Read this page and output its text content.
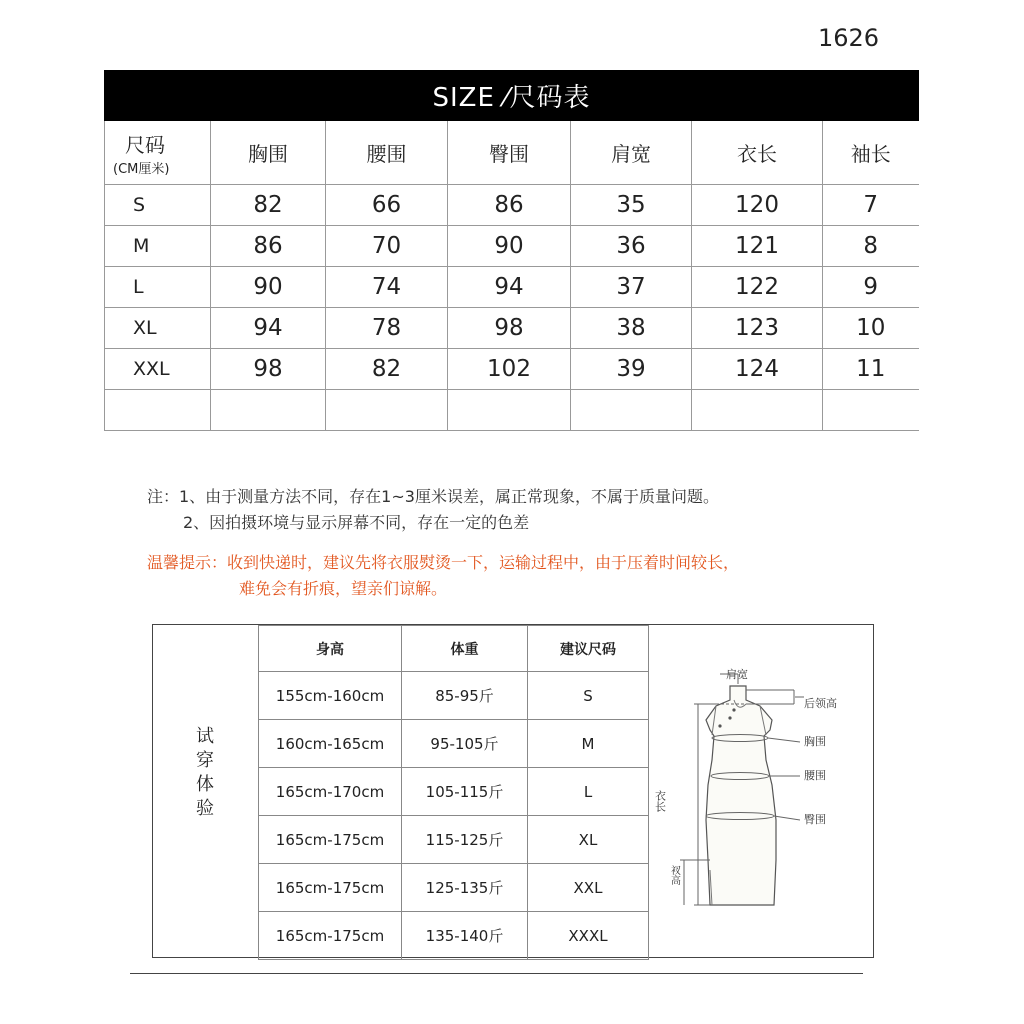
1626
SIZE ⁄尺码表						
尺码
(CM厘米)	胸围	腰围	臀围	肩宽	衣长	袖长
S	82	66	86	35	120	7
M	86	70	90	36	121	8
L	90	74	94	37	122	9
XL	94	78	98	38	123	10
XXL	98	82	102	39	124	11

注：1、由于测量方法不同，存在1~3厘米误差，属正常现象，不属于质量问题。
2、因拍摄环境与显示屏幕不同，存在一定的色差
温馨提示：收到快递时，建议先将衣服熨烫一下，运输过程中，由于压着时间较长，
难免会有折痕，望亲们谅解。
试穿体验
身高	体重	建议尺码
155cm-160cm	85-95斤	S
160cm-165cm	95-105斤	M
165cm-170cm	105-115斤	L
165cm-175cm	115-125斤	XL
165cm-175cm	125-135斤	XXL
165cm-175cm	135-140斤	XXXL
肩宽
后领高
胸围
腰围
臀围
衣长
衩高
